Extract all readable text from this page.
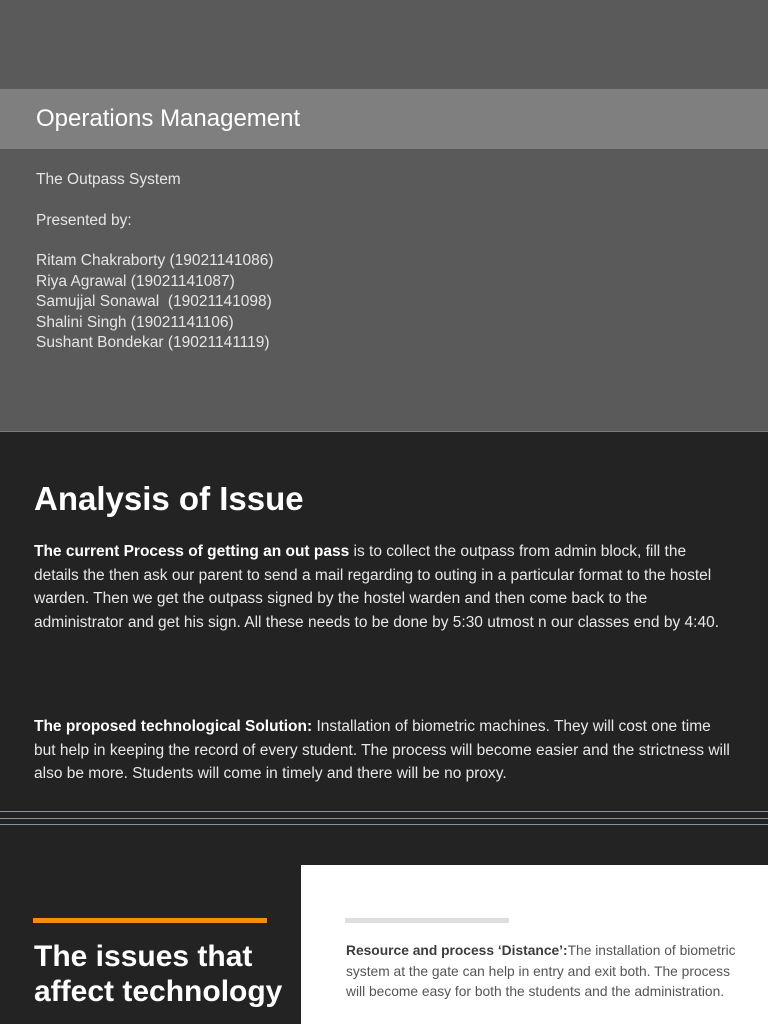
Operations Management

The Outpass System

Presented by:

Ritam Chakraborty (19021141086)

Riya Agrawal (19021141087)

Samujjal Sonawal  (19021141098)

Shalini Singh (19021141106)

Sushant Bondekar (19021141119)

Analysis of Issue
The current Process of getting an out pass is to collect the outpass from admin block, fill the details the then ask our parent to send a mail regarding to outing in a particular format to the hostel warden. Then we get the outpass signed by the hostel warden and then come back to the administrator and get his sign. All these needs to be done by 5:30 utmost n our classes end by 4:40.
The proposed technological Solution: Installation of biometric machines. They will cost one time but help in keeping the record of every student. The process will become easier and the strictness will also be more. Students will come in timely and there will be no proxy.
The issues that affect technology
Resource and process ‘Distance’:The installation of biometric system at the gate can help in entry and exit both. The process will become easy for both the students and the administration.
